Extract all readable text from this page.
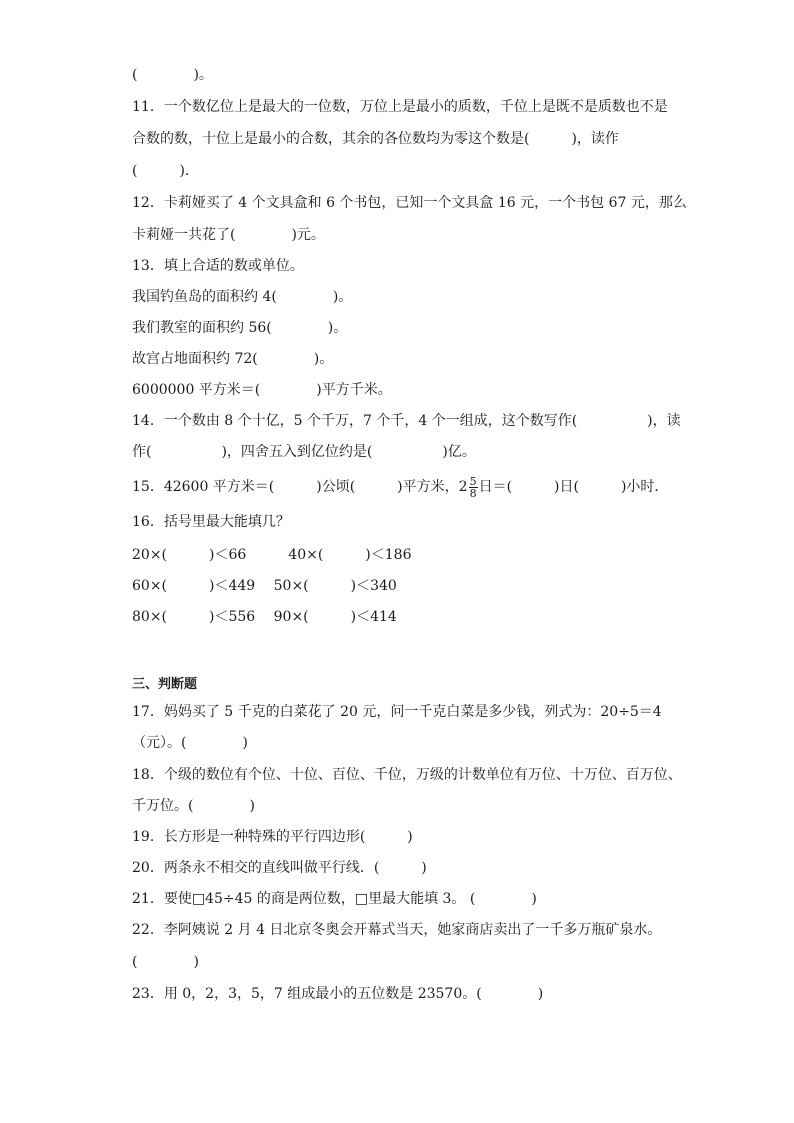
(　　　　)。
11．一个数亿位上是最大的一位数，万位上是最小的质数，千位上是既不是质数也不是
合数的数，十位上是最小的合数，其余的各位数均为零这个数是(　　　)，读作
(　　　)．
12．卡莉娅买了 4 个文具盒和 6 个书包，已知一个文具盒 16 元，一个书包 67 元，那么
卡莉娅一共花了(　　　　)元。
13．填上合适的数或单位。
我国钓鱼岛的面积约 4(　　　　)。
我们教室的面积约 56(　　　　)。
故宫占地面积约 72(　　　　)。
6000000 平方米＝(　　　　)平方千米。
14．一个数由 8 个十亿，5 个千万，7 个千，4 个一组成，这个数写作(　　　　　)，读
作(　　　　　)，四舍五入到亿位约是(　　　　　)亿。
15．42600 平方米＝(　　　)公顷(　　　)平方米，$2 \frac{5}{8}$ 日＝(　　　)日(　　　)小时．
16．括号里最大能填几？
20×(　　　)＜66　　　40×(　　　)＜186
60×(　　　)＜449　 50×(　　　)＜340
80×(　　　)＜556　 90×(　　　)＜414
三、判断题
17．妈妈买了 5 千克的白菜花了 20 元，问一千克白菜是多少钱，列式为：20÷5＝4
（元）。(　　　　)
18．个级的数位有个位、十位、百位、千位，万级的计数单位有万位、十万位、百万位、
千万位。(　　　　)
19．长方形是一种特殊的平行四边形(　　　)
20．两条永不相交的直线叫做平行线．(　　　)
21．要使□45÷45 的商是两位数，□里最大能填 3。 (　　　　)
22．李阿姨说 2 月 4 日北京冬奥会开幕式当天，她家商店卖出了一千多万瓶矿泉水。
(　　　　)
23．用 0，2，3，5，7 组成最小的五位数是 23570。(　　　　)
